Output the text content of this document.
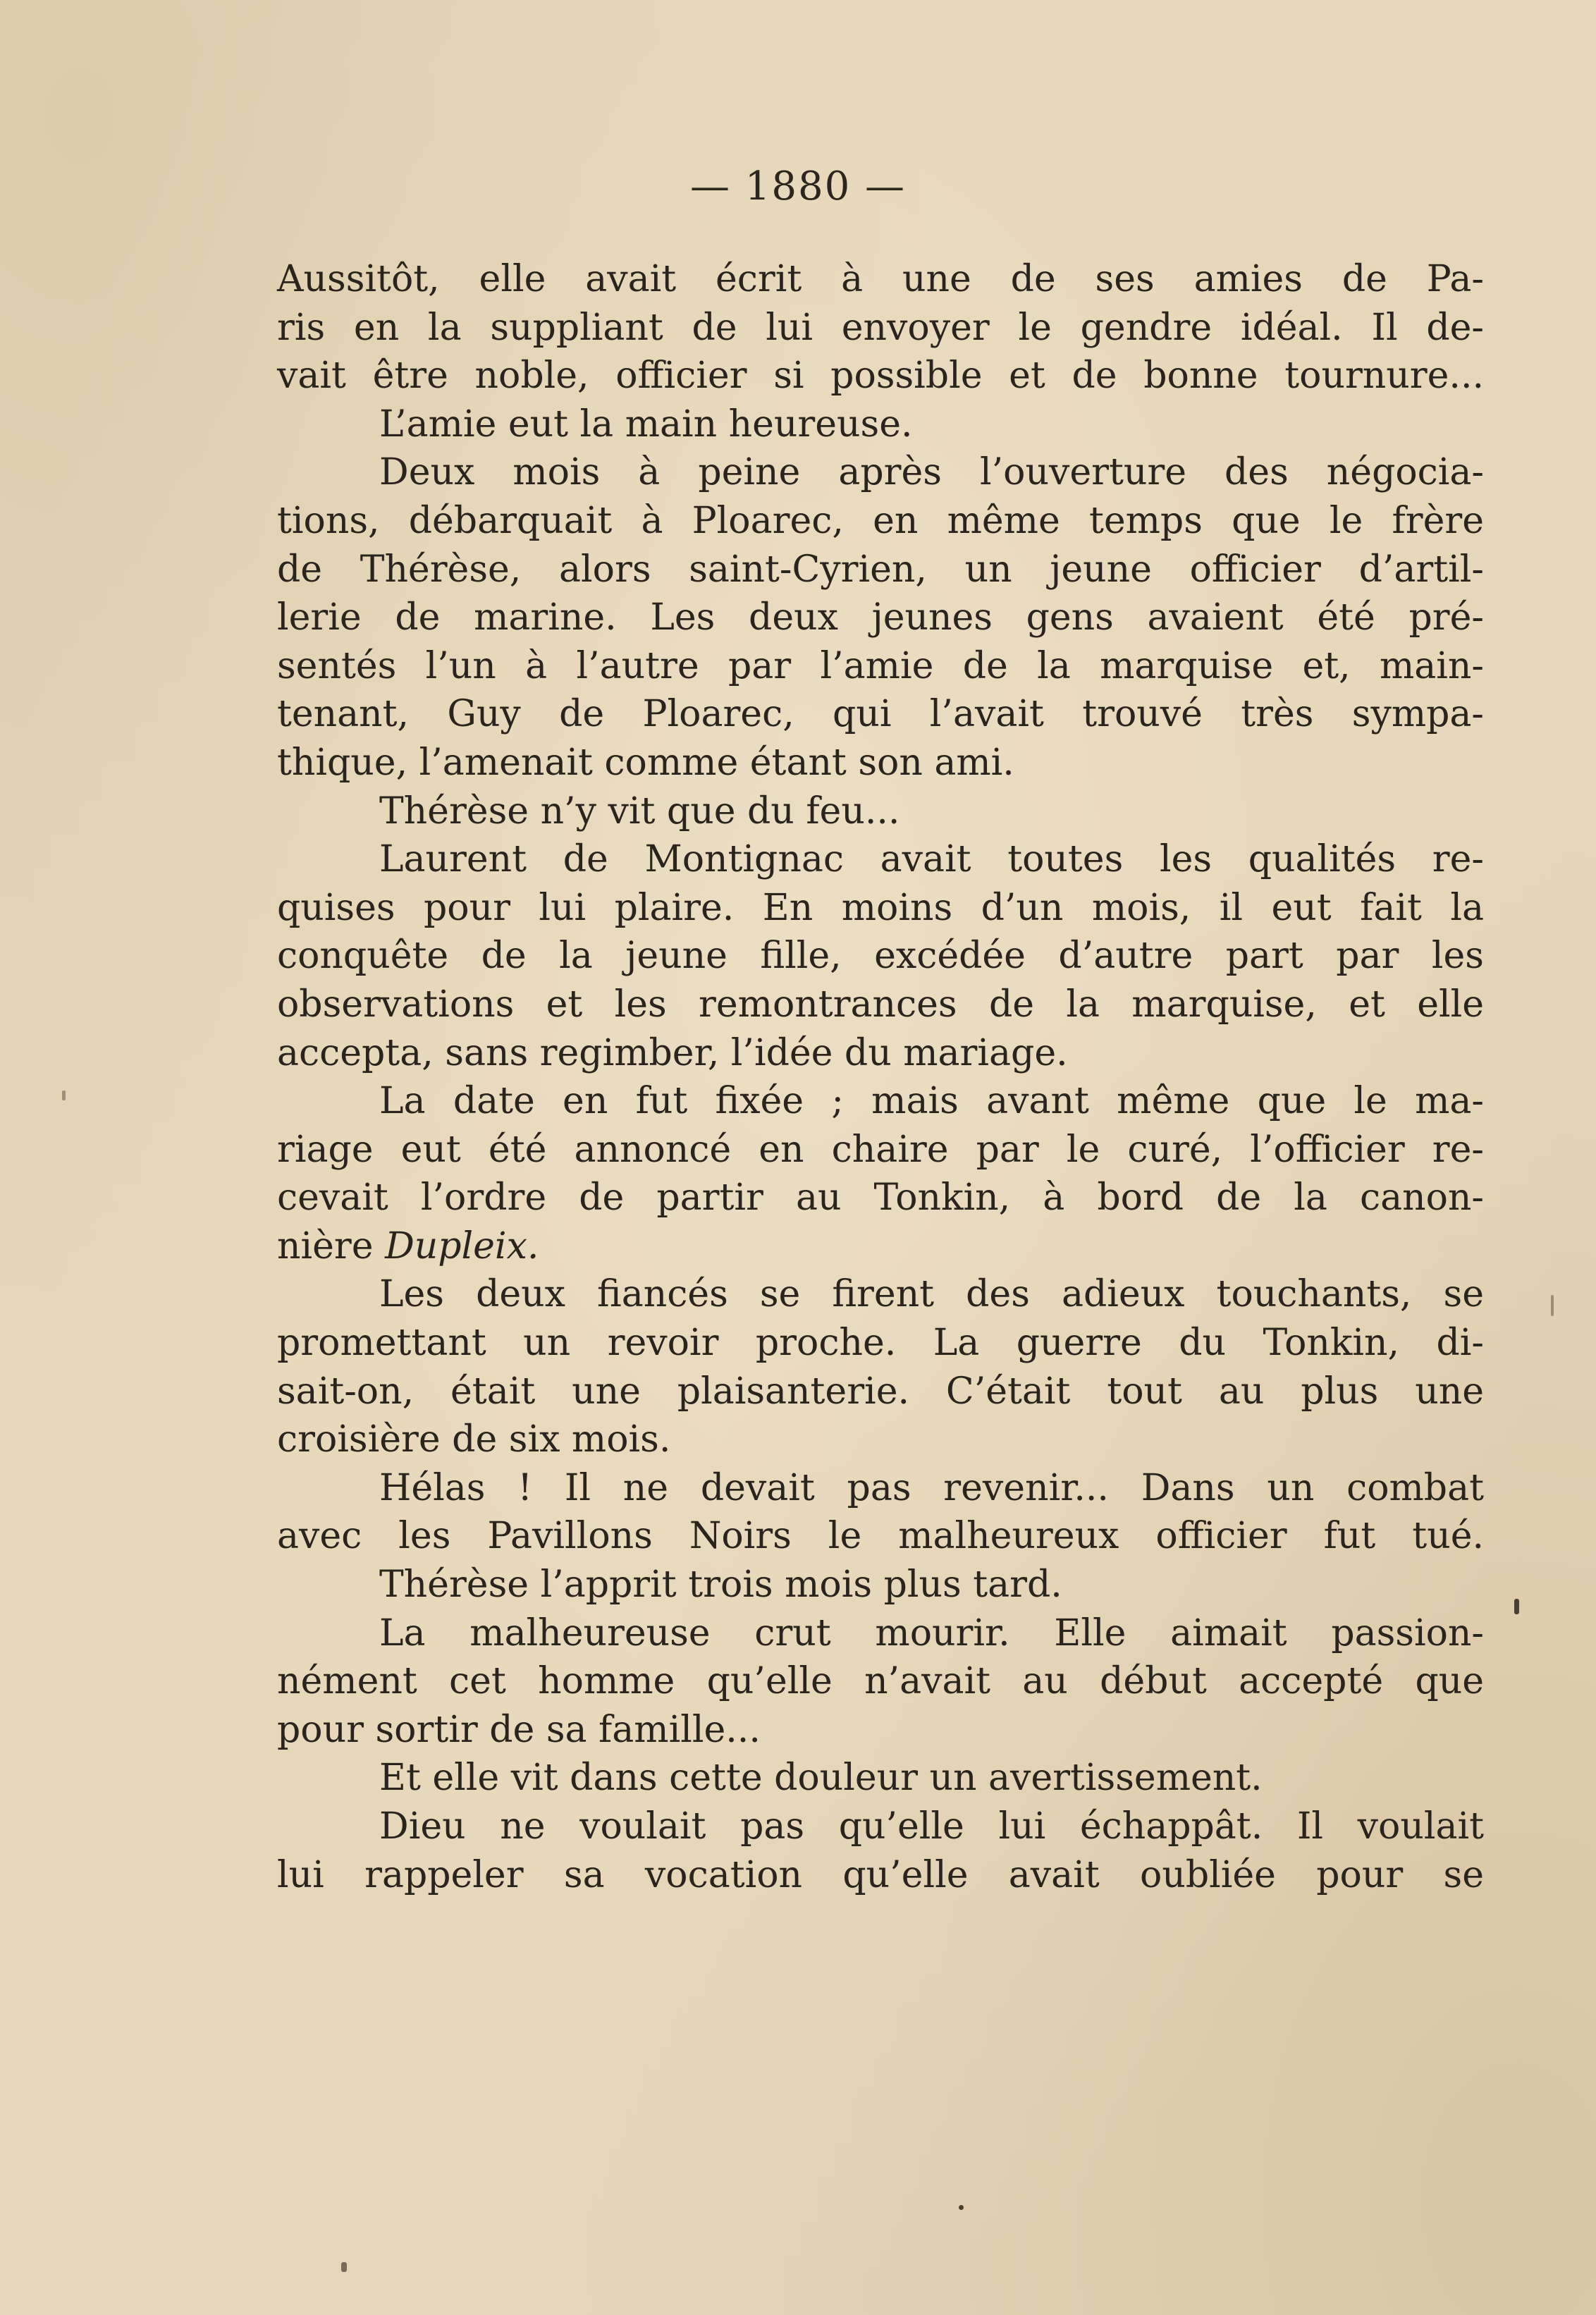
— 1880 —
Aussitôt, elle avait écrit à une de ses amies de Pa-
ris en la suppliant de lui envoyer le gendre idéal. Il de-
vait être noble, officier si possible et de bonne tournure...
L’amie eut la main heureuse.
Deux mois à peine après l’ouverture des négocia-
tions, débarquait à Ploarec, en même temps que le frère
de Thérèse, alors saint-Cyrien, un jeune officier d’artil-
lerie de marine. Les deux jeunes gens avaient été pré-
sentés l’un à l’autre par l’amie de la marquise et, main-
tenant, Guy de Ploarec, qui l’avait trouvé très sympa-
thique, l’amenait comme étant son ami.
Thérèse n’y vit que du feu...
Laurent de Montignac avait toutes les qualités re-
quises pour lui plaire. En moins d’un mois, il eut fait la
conquête de la jeune fille, excédée d’autre part par les
observations et les remontrances de la marquise, et elle
accepta, sans regimber, l’idée du mariage.
La date en fut fixée ; mais avant même que le ma-
riage eut été annoncé en chaire par le curé, l’officier re-
cevait l’ordre de partir au Tonkin, à bord de la canon-
nière Dupleix.
Les deux fiancés se firent des adieux touchants, se
promettant un revoir proche. La guerre du Tonkin, di-
sait-on, était une plaisanterie. C’était tout au plus une
croisière de six mois.
Hélas ! Il ne devait pas revenir... Dans un combat
avec les Pavillons Noirs le malheureux officier fut tué.
Thérèse l’apprit trois mois plus tard.
La malheureuse crut mourir. Elle aimait passion-
nément cet homme qu’elle n’avait au début accepté que
pour sortir de sa famille...
Et elle vit dans cette douleur un avertissement.
Dieu ne voulait pas qu’elle lui échappât. Il voulait
lui rappeler sa vocation qu’elle avait oubliée pour se
